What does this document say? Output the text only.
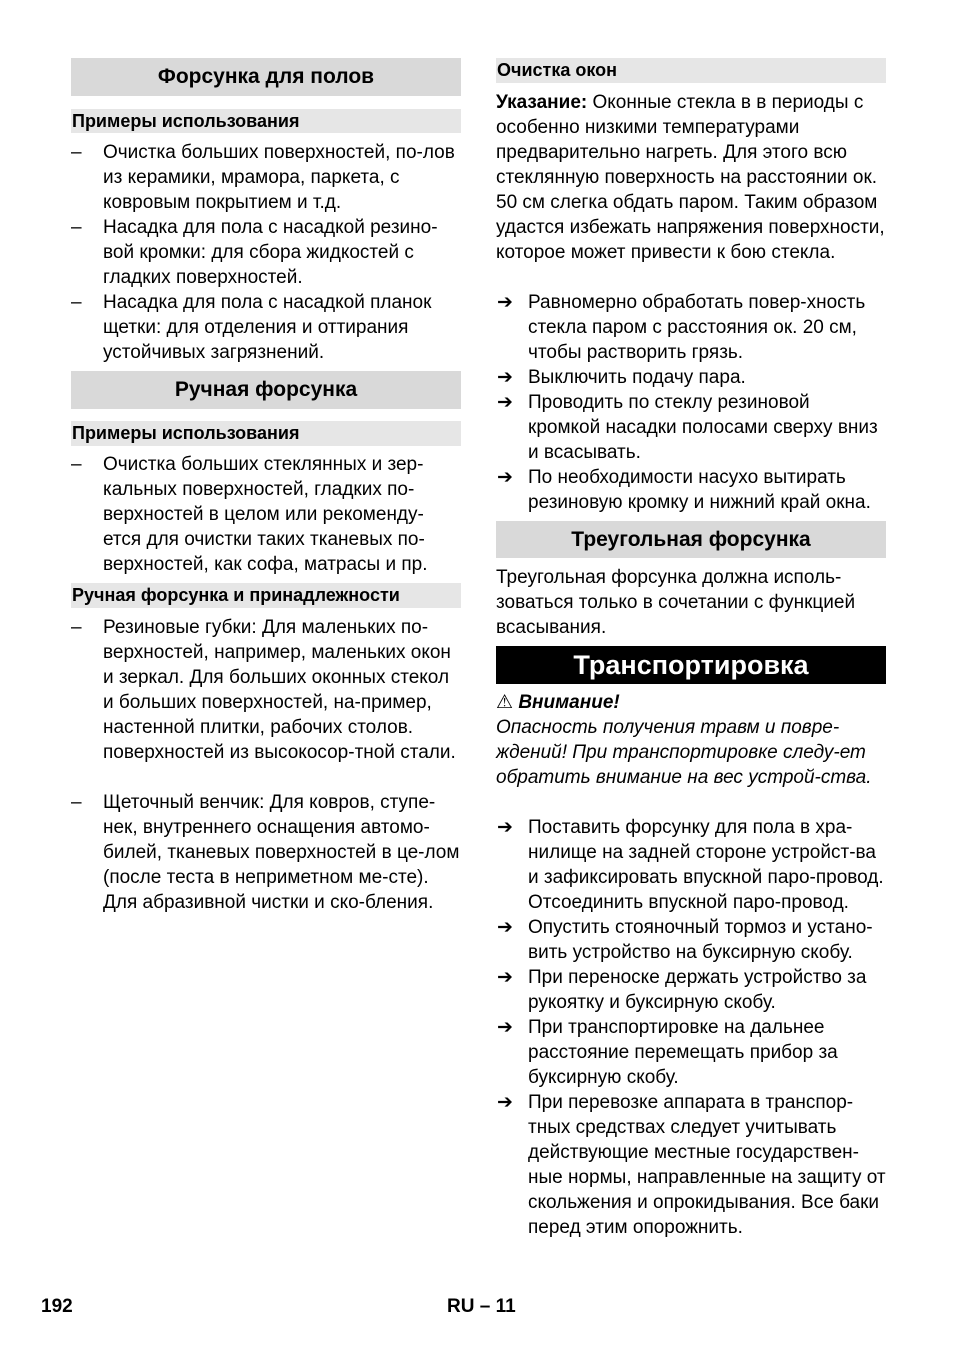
Форсунка для полов
Примеры использования
–	Очистка больших поверхностей, по-лов из керамики, мрамора, паркета, с ковровым покрытием и т.д.
–	Насадка для пола с насадкой резино-вой кромки: для сбора жидкостей с гладких поверхностей.
–	Насадка для пола с насадкой планок щетки: для отделения и оттирания устойчивых загрязнений.
Ручная форсунка
Примеры использования
–	Очистка больших стеклянных и зер-кальных поверхностей, гладких по-верхностей в целом или рекоменду-ется для очистки таких тканевых по-верхностей, как софа, матрасы и пр.
Ручная форсунка и принадлежности
–	Резиновые губки: Для маленьких по-верхностей, например, маленьких окон и зеркал. Для больших оконных стекол и больших поверхностей, на-пример, настенной плитки, рабочих столов. поверхностей из высокосор-тной стали.
–	Щеточный венчик: Для ковров, ступе-нек, внутреннего оснащения автомо-билей, тканевых поверхностей в це-лом (после теста в неприметном ме-сте). Для абразивной чистки и ско-бления.
Очистка окон

Указание: Оконные стекла в в периоды с особенно низкими температурами предварительно нагреть. Для этого всю стеклянную поверхность на расстоянии ок. 50 см слегка обдать паром. Таким образом удастся избежать напряжения поверхности, которое может привести к бою стекла.

➔ Равномерно обработать повер-хность стекла паром с расстояния ок. 20 см, чтобы растворить грязь.
➔ Выключить подачу пара.
➔ Проводить по стеклу резиновой кромкой насадки полосами сверху вниз и всасывать.
➔ По необходимости насухо вытирать резиновую кромку и нижний край окна.
Треугольная форсунка
Треугольная форсунка должна исполь-зоваться только в сочетании с функцией всасывания.
Транспортировка

⚠ Внимание!

Опасность получения травм и повре-ждений! При транспортировке следу-ет обратить внимание на вес устрой-ства.

➔ Поставить форсунку для пола в хра-нилище на задней стороне устройст-ва и зафиксировать впускной паро-провод. Отсоединить впускной паро-провод.
➔ Опустить стояночный тормоз и устано-вить устройство на буксирную скобу.
➔ При переноске держать устройство за рукоятку и буксирную скобу.
➔ При транспортировке на дальнее расстояние перемещать прибор за буксирную скобу.
➔ При перевозке аппарата в транспор-тных средствах следует учитывать действующие местные государствен-ные нормы, направленные на защиту от скольжения и опрокидывания. Все баки перед этим опорожнить.
192	RU – 11
